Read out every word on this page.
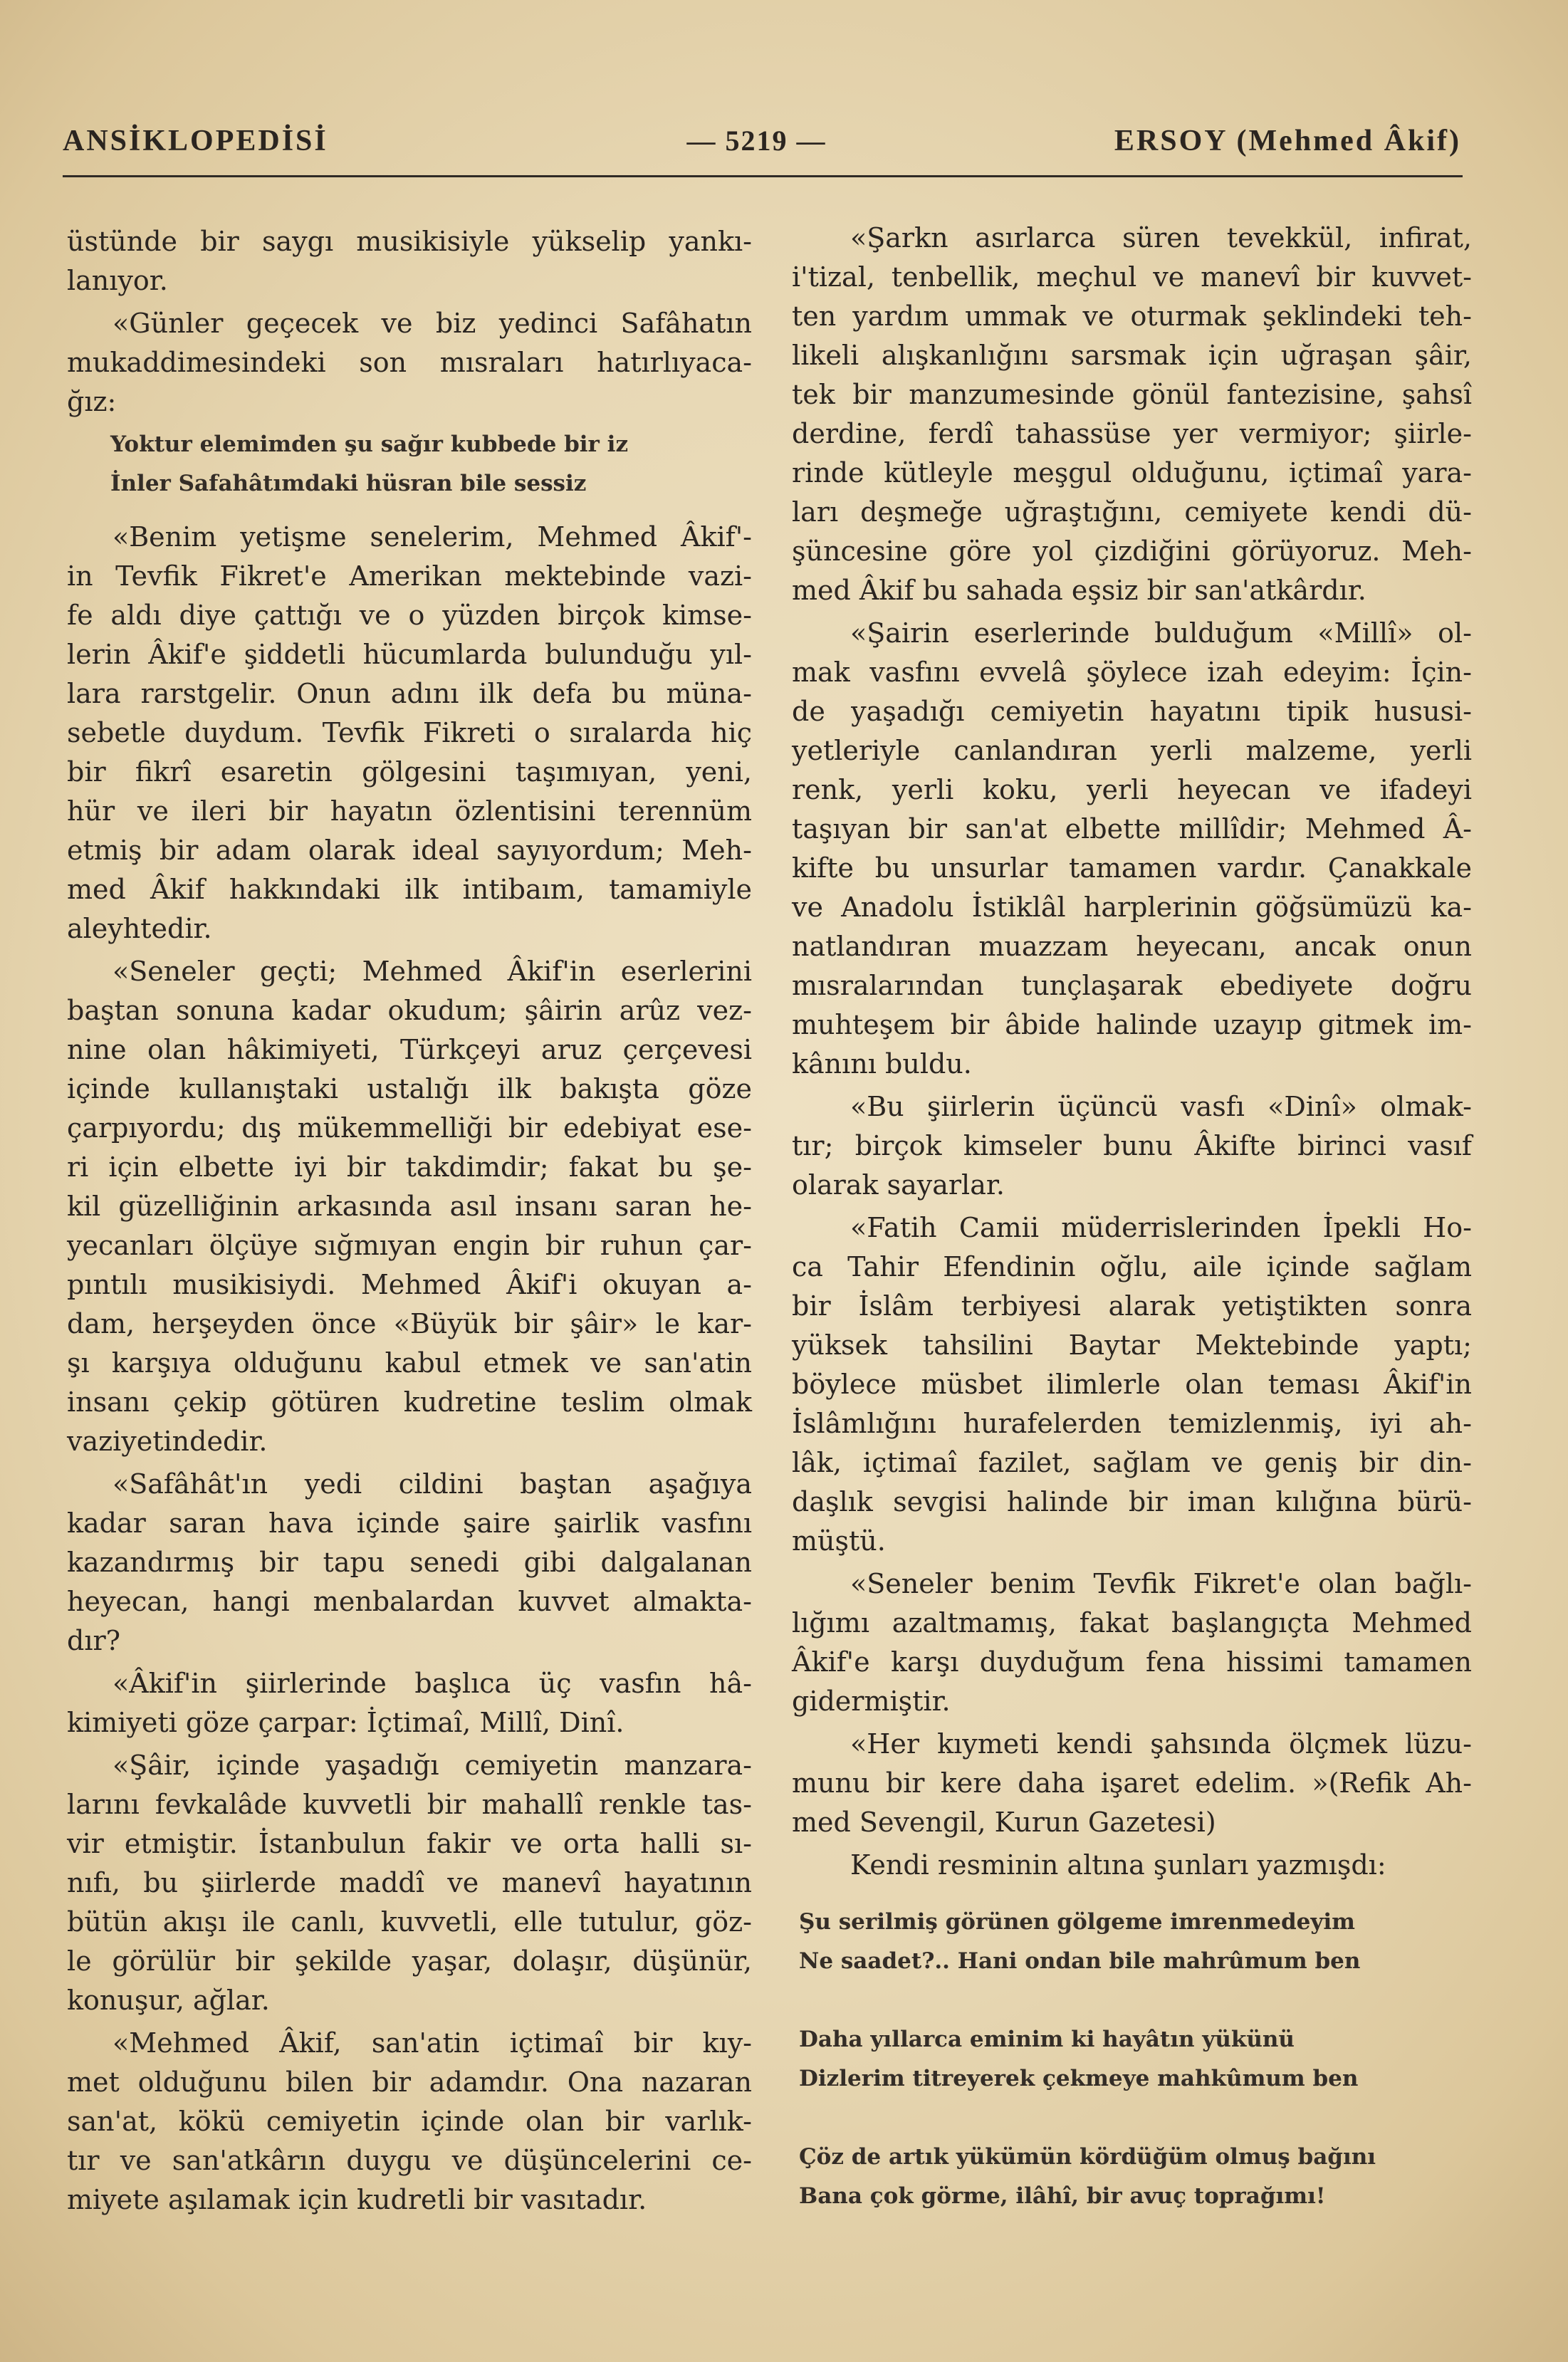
ANSİKLOPEDİSİ	— 5219 —	ERSOY (Mehmed Âkif)
üstünde bir saygı musikisiyle yükselip yankı-
lanıyor.
«Günler geçecek ve biz yedinci Safâhatın
mukaddimesindeki son mısraları hatırlıyaca-
ğız:
Yoktur elemimden şu sağır kubbede bir iz
İnler Safahâtımdaki hüsran bile sessiz
«Benim yetişme senelerim, Mehmed Âkif'-
in Tevfik Fikret'e Amerikan mektebinde vazi-
fe aldı diye çattığı ve o yüzden birçok kimse-
lerin Âkif'e şiddetli hücumlarda bulunduğu yıl-
lara rarstgelir. Onun adını ilk defa bu müna-
sebetle duydum. Tevfik Fikreti o sıralarda hiç
bir fikrî esaretin gölgesini taşımıyan, yeni,
hür ve ileri bir hayatın özlentisini terennüm
etmiş bir adam olarak ideal sayıyordum; Meh-
med Âkif hakkındaki ilk intibaım, tamamiyle
aleyhtedir.
«Seneler geçti; Mehmed Âkif'in eserlerini
baştan sonuna kadar okudum; şâirin arûz vez-
nine olan hâkimiyeti, Türkçeyi aruz çerçevesi
içinde kullanıştaki ustalığı ilk bakışta göze
çarpıyordu; dış mükemmelliği bir edebiyat ese-
ri için elbette iyi bir takdimdir; fakat bu şe-
kil güzelliğinin arkasında asıl insanı saran he-
yecanları ölçüye sığmıyan engin bir ruhun çar-
pıntılı musikisiydi. Mehmed Âkif'i okuyan a-
dam, herşeyden önce «Büyük bir şâir» le kar-
şı karşıya olduğunu kabul etmek ve san'atin
insanı çekip götüren kudretine teslim olmak
vaziyetindedir.
«Safâhât'ın yedi cildini baştan aşağıya
kadar saran hava içinde şaire şairlik vasfını
kazandırmış bir tapu senedi gibi dalgalanan
heyecan, hangi menbalardan kuvvet almakta-
dır?
«Âkif'in şiirlerinde başlıca üç vasfın hâ-
kimiyeti göze çarpar: İçtimaî, Millî, Dinî.
«Şâir, içinde yaşadığı cemiyetin manzara-
larını fevkalâde kuvvetli bir mahallî renkle tas-
vir etmiştir. İstanbulun fakir ve orta halli sı-
nıfı, bu şiirlerde maddî ve manevî hayatının
bütün akışı ile canlı, kuvvetli, elle tutulur, göz-
le görülür bir şekilde yaşar, dolaşır, düşünür,
konuşur, ağlar.
«Mehmed Âkif, san'atin içtimaî bir kıy-
met olduğunu bilen bir adamdır. Ona nazaran
san'at, kökü cemiyetin içinde olan bir varlık-
tır ve san'atkârın duygu ve düşüncelerini ce-
miyete aşılamak için kudretli bir vasıtadır.
«Şarkn asırlarca süren tevekkül, infirat,
i'tizal, tenbellik, meçhul ve manevî bir kuvvet-
ten yardım ummak ve oturmak şeklindeki teh-
likeli alışkanlığını sarsmak için uğraşan şâir,
tek bir manzumesinde gönül fantezisine, şahsî
derdine, ferdî tahassüse yer vermiyor; şiirle-
rinde kütleyle meşgul olduğunu, içtimaî yara-
ları deşmeğe uğraştığını, cemiyete kendi dü-
şüncesine göre yol çizdiğini görüyoruz. Meh-
med Âkif bu sahada eşsiz bir san'atkârdır.
«Şairin eserlerinde bulduğum «Millî» ol-
mak vasfını evvelâ şöylece izah edeyim: İçin-
de yaşadığı cemiyetin hayatını tipik hususi-
yetleriyle canlandıran yerli malzeme, yerli
renk, yerli koku, yerli heyecan ve ifadeyi
taşıyan bir san'at elbette millîdir; Mehmed Â-
kifte bu unsurlar tamamen vardır. Çanakkale
ve Anadolu İstiklâl harplerinin göğsümüzü ka-
natlandıran muazzam heyecanı, ancak onun
mısralarından tunçlaşarak ebediyete doğru
muhteşem bir âbide halinde uzayıp gitmek im-
kânını buldu.
«Bu şiirlerin üçüncü vasfı «Dinî» olmak-
tır; birçok kimseler bunu Âkifte birinci vasıf
olarak sayarlar.
«Fatih Camii müderrislerinden İpekli Ho-
ca Tahir Efendinin oğlu, aile içinde sağlam
bir İslâm terbiyesi alarak yetiştikten sonra
yüksek tahsilini Baytar Mektebinde yaptı;
böylece müsbet ilimlerle olan teması Âkif'in
İslâmlığını hurafelerden temizlenmiş, iyi ah-
lâk, içtimaî fazilet, sağlam ve geniş bir din-
daşlık sevgisi halinde bir iman kılığına bürü-
müştü.
«Seneler benim Tevfik Fikret'e olan bağlı-
lığımı azaltmamış, fakat başlangıçta Mehmed
Âkif'e karşı duyduğum fena hissimi tamamen
gidermiştir.
«Her kıymeti kendi şahsında ölçmek lüzu-
munu bir kere daha işaret edelim. »(Refik Ah-
med Sevengil, Kurun Gazetesi)
Kendi resminin altına şunları yazmışdı:
Şu serilmiş görünen gölgeme imrenmedeyim
Ne saadet?.. Hani ondan bile mahrûmum ben
Daha yıllarca eminim ki hayâtın yükünü
Dizlerim titreyerek çekmeye mahkûmum ben
Çöz de artık yükümün kördüğüm olmuş bağını
Bana çok görme, ilâhî, bir avuç toprağımı!
